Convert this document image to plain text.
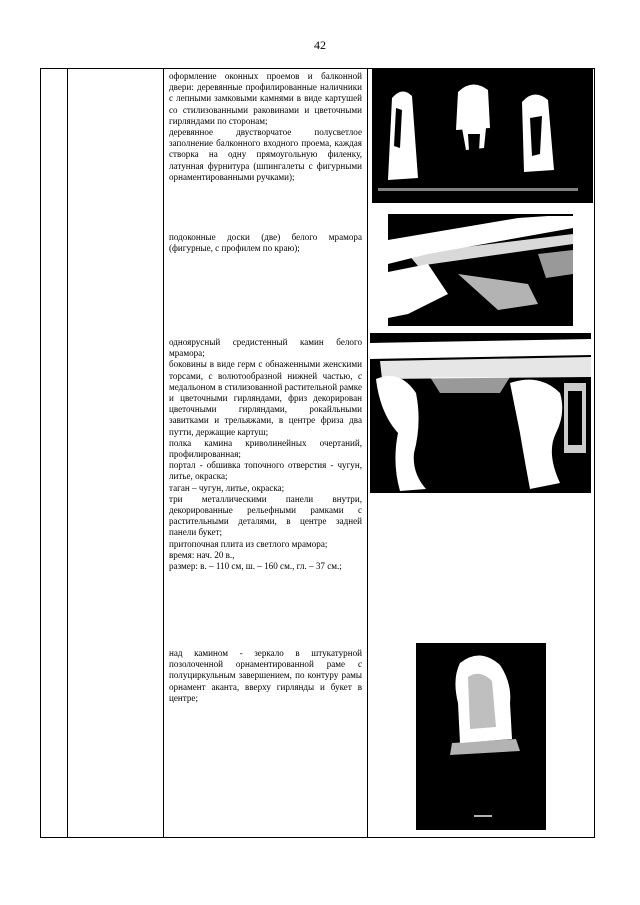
42

оформление оконных проемов и балконной двери: деревянные профилированные наличники с лепными замковыми камнями в виде картушей со стилизованными раковинами и цветочными гирляндами по сторонам;

деревянное двустворчатое полусветлое заполнение балконного входного проема, каждая створка на одну прямоугольную филенку, латунная фурнитура (шпингалеты с фигурными орнаментированными ручками);

подоконные доски (две) белого мрамора (фигурные, с профилем по краю);

одноярусный средистенный камин белого мрамора;

боковины в виде герм с обнаженными женскими торсами, с волютообразной нижней частью, с медальоном в стилизованной растительной рамке и цветочными гирляндами, фриз декорирован цветочными гирляндами, рокайльными завитками и трельяжами, в центре фриза два путти, держащие картуш;

полка камина криволинейных очертаний, профилированная;

портал - обшивка топочного отверстия - чугун, литье, окраска;

таган – чугун, литье, окраска;

три металлическими панели внутри, декорированные рельефными рамками с растительными деталями, в центре задней панели букет;

притопочная плита из светлого мрамора;

время: нач. 20 в.,

размер: в. – 110 см, ш. – 160 см., гл. – 37 см.;

над камином - зеркало в штукатурной позолоченной орнаментированной раме с полуциркульным завершением, по контуру рамы орнамент аканта, вверху гирлянды и букет в центре;
